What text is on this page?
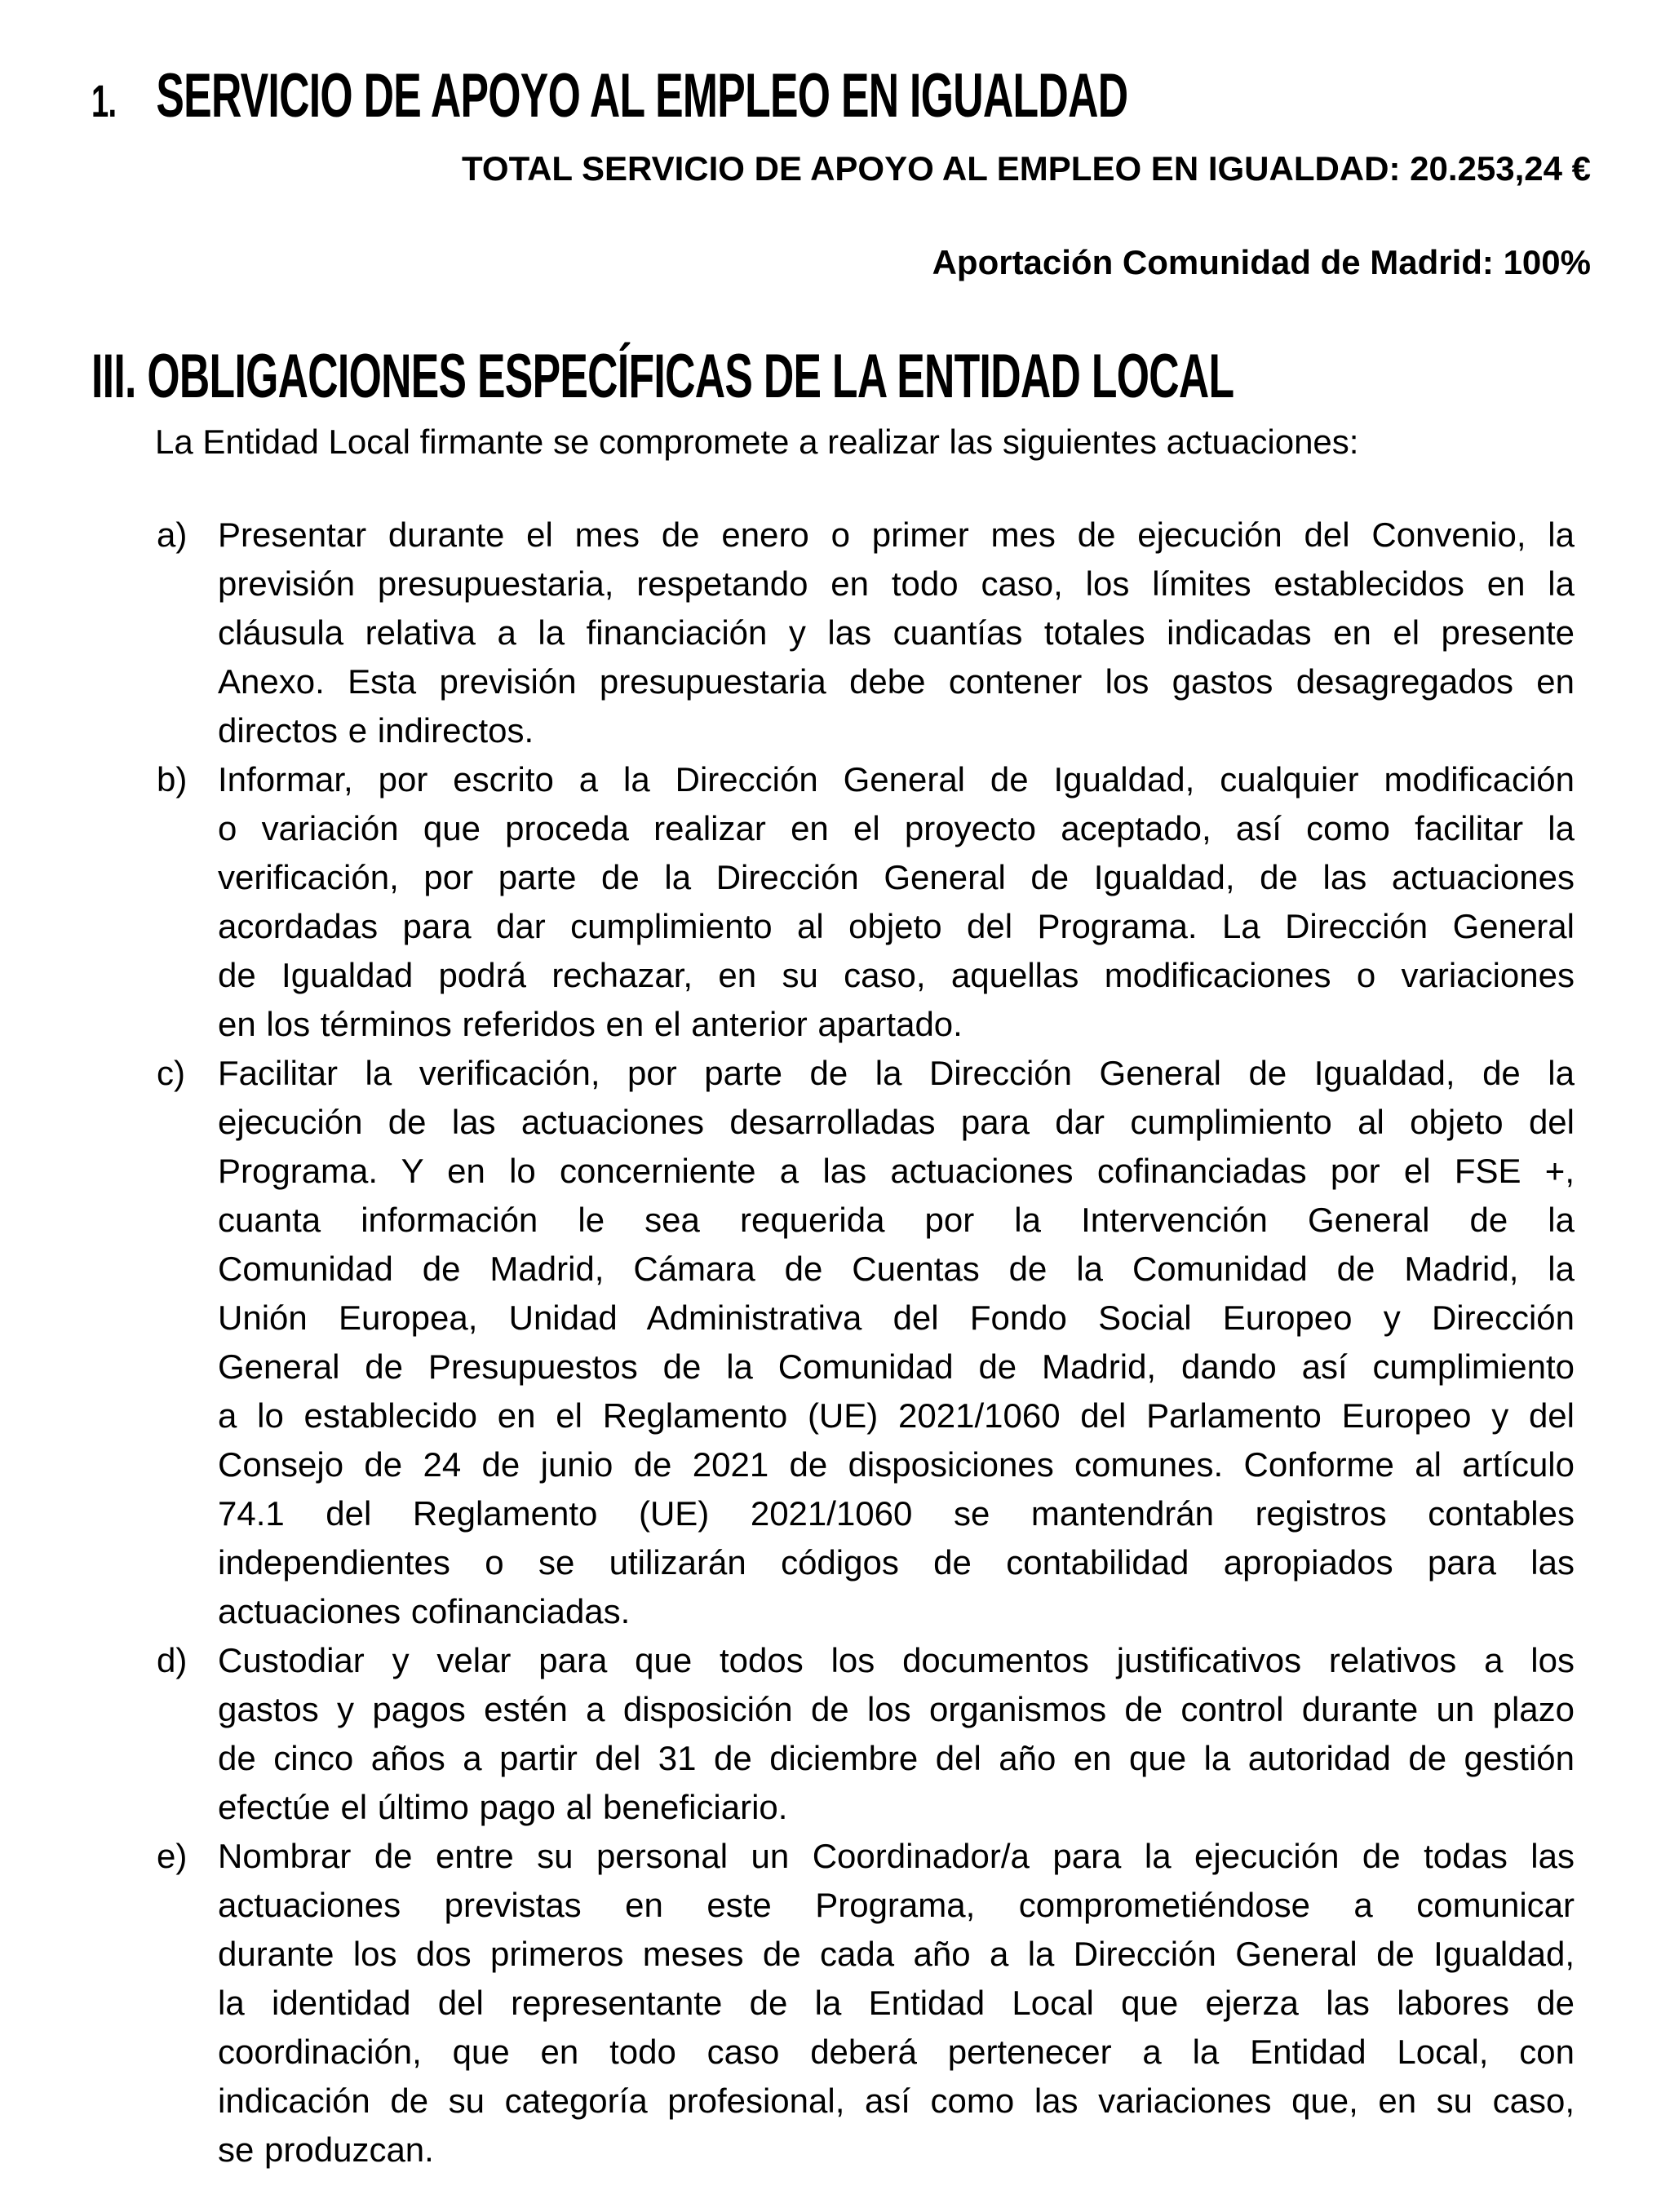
1. SERVICIO DE APOYO AL EMPLEO EN IGUALDAD
TOTAL SERVICIO DE APOYO AL EMPLEO EN IGUALDAD: 20.253,24 €
Aportación Comunidad de Madrid: 100%
III. OBLIGACIONES ESPECÍFICAS DE LA ENTIDAD LOCAL
La Entidad Local firmante se compromete a realizar las siguientes actuaciones:
a) Presentar durante el mes de enero o primer mes de ejecución del Convenio, la
previsión presupuestaria, respetando en todo caso, los límites establecidos en la
cláusula relativa a la financiación y las cuantías totales indicadas en el presente
Anexo. Esta previsión presupuestaria debe contener los gastos desagregados en
directos e indirectos.
b) Informar, por escrito a la Dirección General de Igualdad, cualquier modificación
o variación que proceda realizar en el proyecto aceptado, así como facilitar la
verificación, por parte de la Dirección General de Igualdad, de las actuaciones
acordadas para dar cumplimiento al objeto del Programa. La Dirección General
de Igualdad podrá rechazar, en su caso, aquellas modificaciones o variaciones
en los términos referidos en el anterior apartado.
c) Facilitar la verificación, por parte de la Dirección General de Igualdad, de la
ejecución de las actuaciones desarrolladas para dar cumplimiento al objeto del
Programa. Y en lo concerniente a las actuaciones cofinanciadas por el FSE +,
cuanta información le sea requerida por la Intervención General de la
Comunidad de Madrid, Cámara de Cuentas de la Comunidad de Madrid, la
Unión Europea, Unidad Administrativa del Fondo Social Europeo y Dirección
General de Presupuestos de la Comunidad de Madrid, dando así cumplimiento
a lo establecido en el Reglamento (UE) 2021/1060 del Parlamento Europeo y del
Consejo de 24 de junio de 2021 de disposiciones comunes. Conforme al artículo
74.1 del Reglamento (UE) 2021/1060 se mantendrán registros contables
independientes o se utilizarán códigos de contabilidad apropiados para las
actuaciones cofinanciadas.
d) Custodiar y velar para que todos los documentos justificativos relativos a los
gastos y pagos estén a disposición de los organismos de control durante un plazo
de cinco años a partir del 31 de diciembre del año en que la autoridad de gestión
efectúe el último pago al beneficiario.
e) Nombrar de entre su personal un Coordinador/a para la ejecución de todas las
actuaciones previstas en este Programa, comprometiéndose a comunicar
durante los dos primeros meses de cada año a la Dirección General de Igualdad,
la identidad del representante de la Entidad Local que ejerza las labores de
coordinación, que en todo caso deberá pertenecer a la Entidad Local, con
indicación de su categoría profesional, así como las variaciones que, en su caso,
se produzcan.
